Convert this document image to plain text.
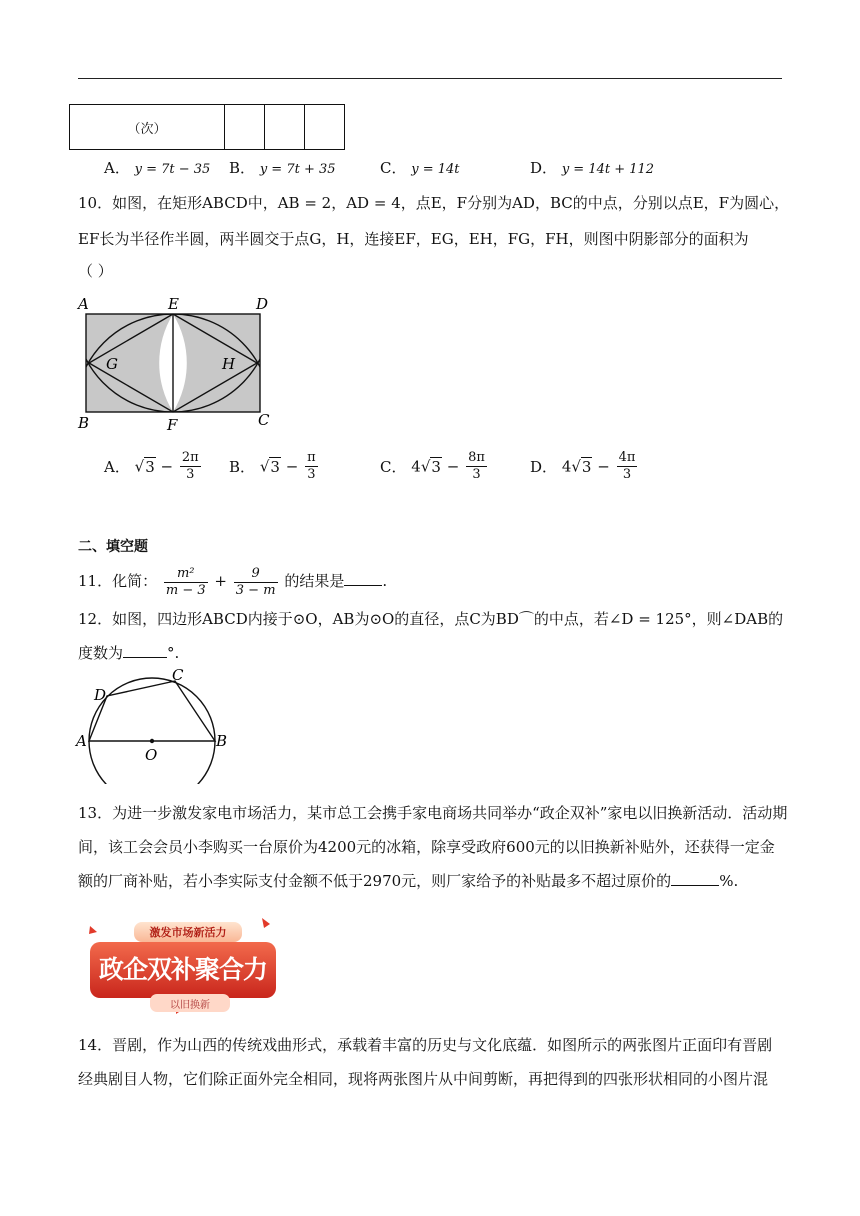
（次）			
A． y = 7t − 35 B． y = 7t + 35	C． y = 14t	D． y = 14t + 112
10．如图，在矩形ABCD中，AB = 2，AD = 4，点E，F分别为AD，BC的中点，分别以点E，F为圆心，
EF长为半径作半圆，两半圆交于点G，H，连接EF，EG，EH，FG，FH，则图中阴影部分的面积为
（ ）
A	E	D
G	H
B	F	C
A． $√3 - \frac{2\pi}{3}$ B． $√3 - \frac{\pi}{3}$	C． $4√3 - \frac{8\pi}{3}$	D． $4√3 - \frac{4\pi}{3}$
二、填空题
11．化简： $\frac{\text{m²}}{m - 3} + \frac{9}{3 - m}$ 的结果是	.
12．如图，四边形ABCD内接于⊙O，AB为⊙O的直径，点C为BD⌒的中点，若∠D = 125°，则∠DAB的
度数为	°.
A	B
C
D
O
13．为进一步激发家电市场活力，某市总工会携手家电商场共同举办“政企双补”家电以旧换新活动．活动期
间，该工会会员小李购买一台原价为4200元的冰箱，除享受政府600元的以旧换新补贴外，还获得一定金
额的厂商补贴，若小李实际支付金额不低于2970元，则厂家给予的补贴最多不超过原价的	%.
激发市场新活力
政企双补聚合力
以旧换新
14．晋剧，作为山西的传统戏曲形式，承载着丰富的历史与文化底蕴．如图所示的两张图片正面印有晋剧
经典剧目人物，它们除正面外完全相同，现将两张图片从中间剪断，再把得到的四张形状相同的小图片混
